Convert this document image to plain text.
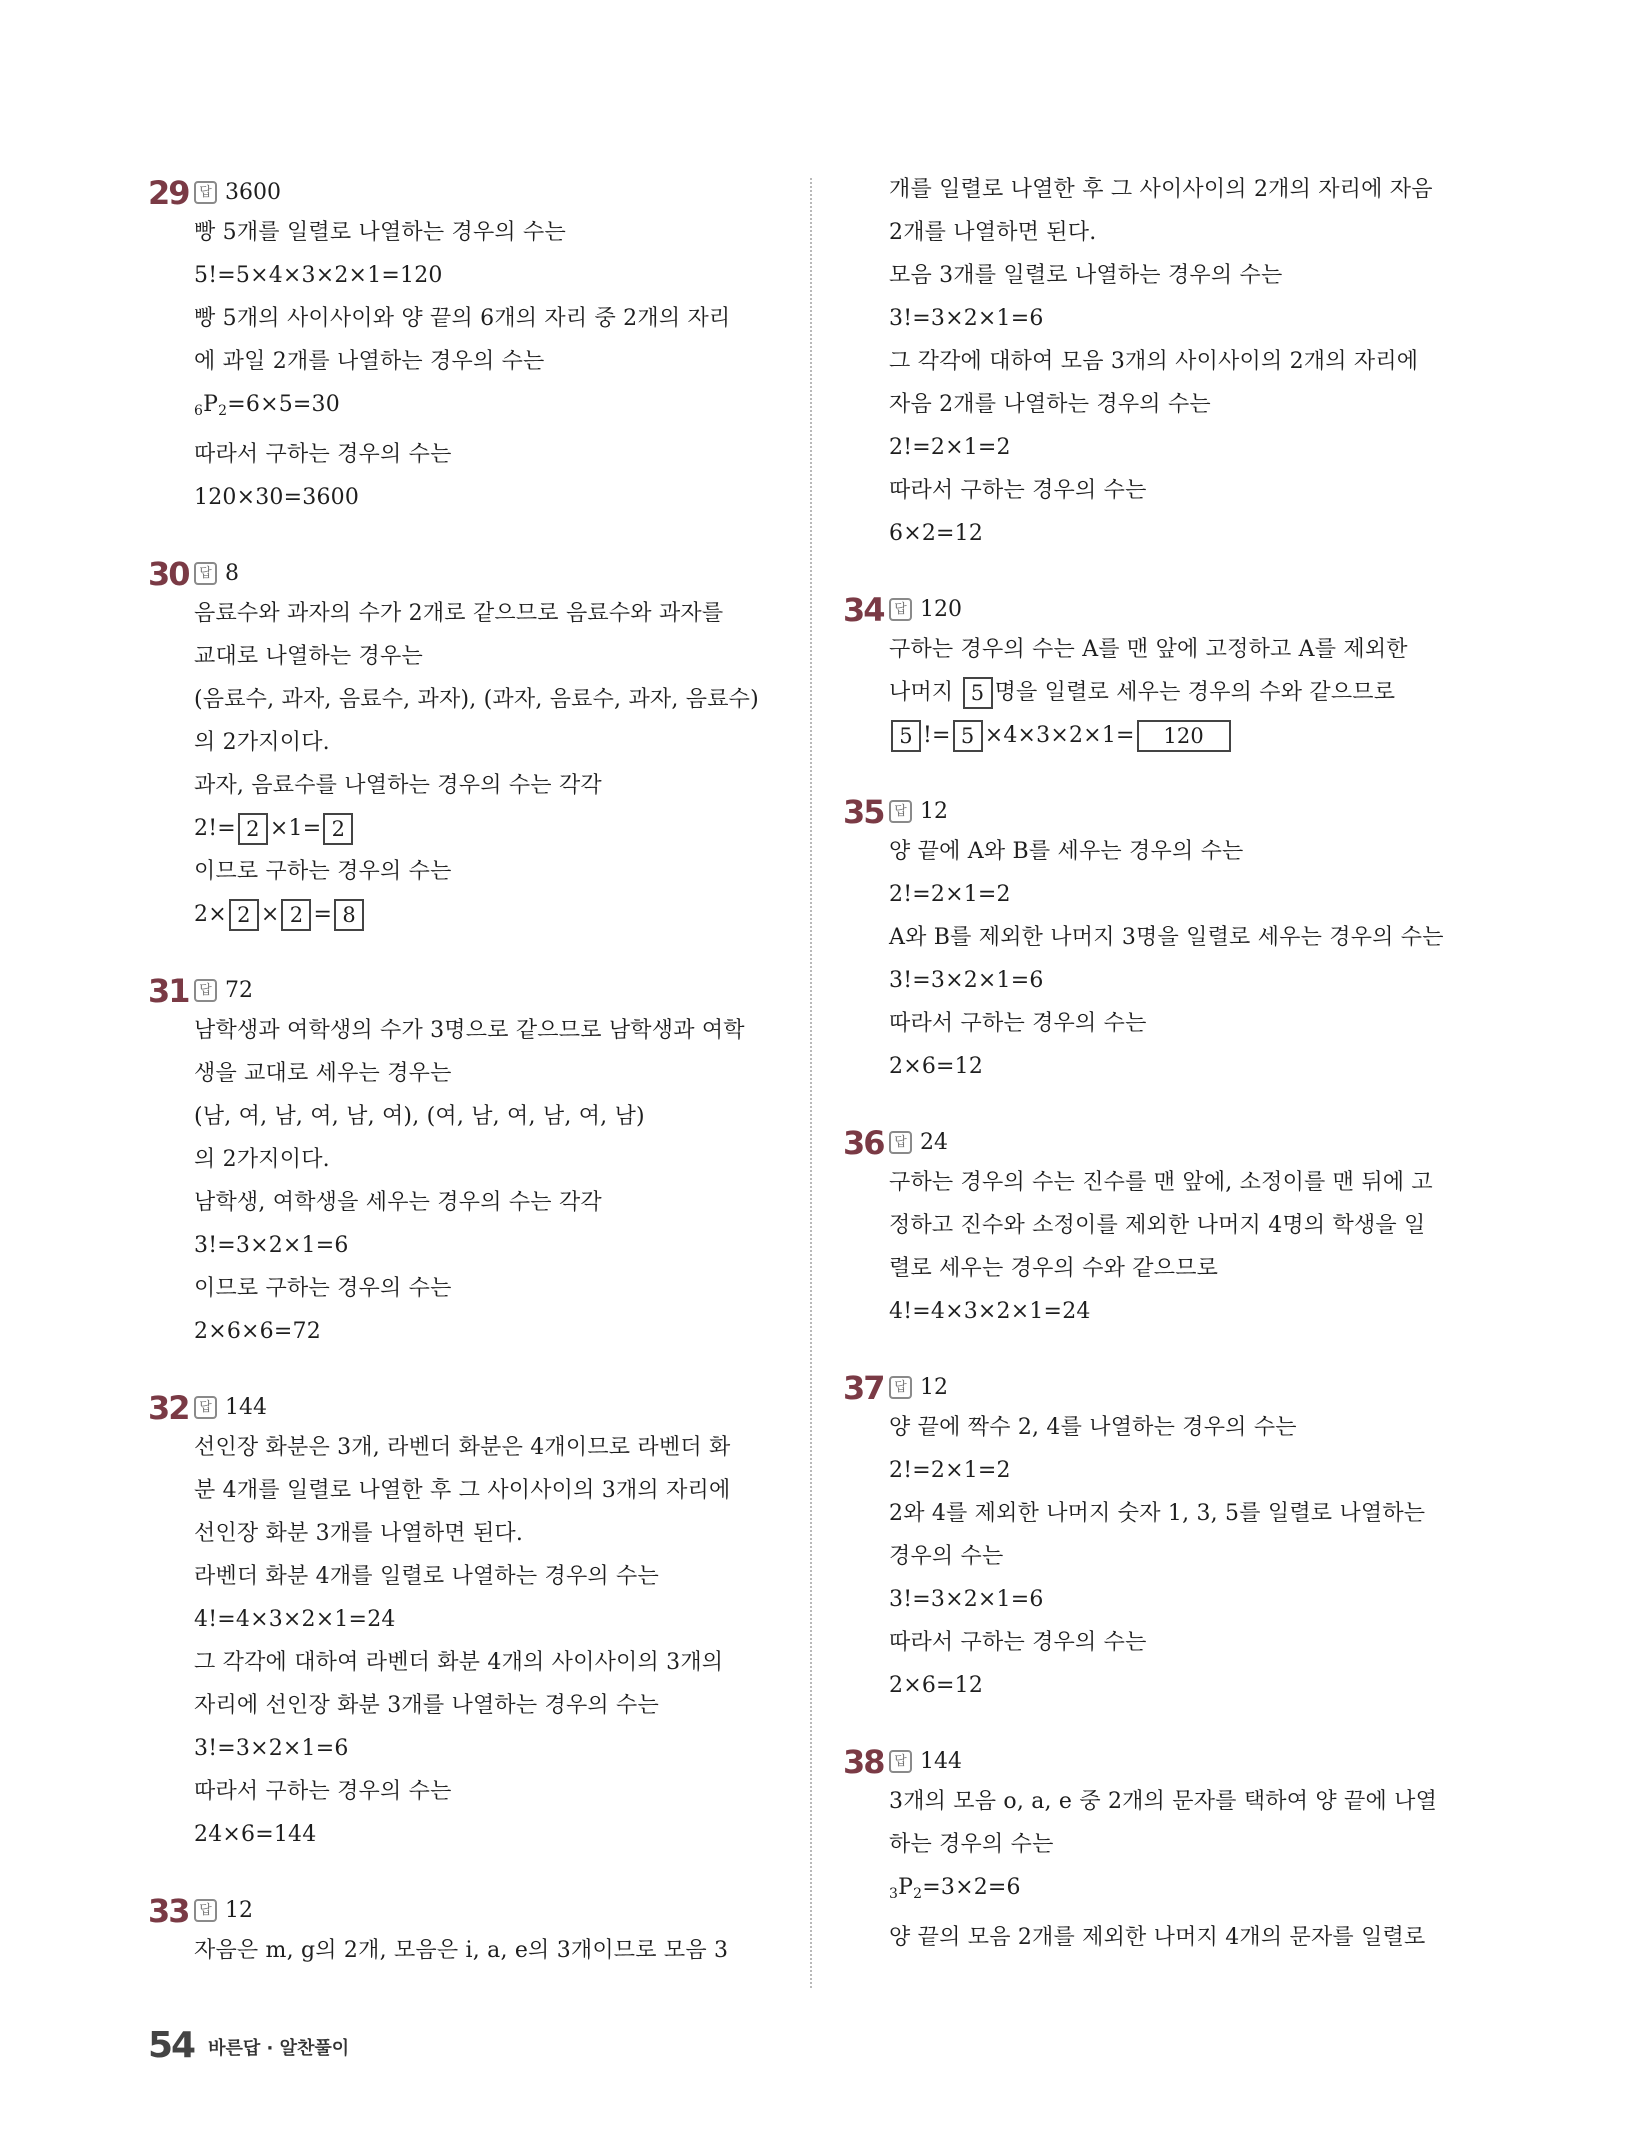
29 답 3600
빵 5개를 일렬로 나열하는 경우의 수는
5!=5×4×3×2×1=120
빵 5개의 사이사이와 양 끝의 6개의 자리 중 2개의 자리
에 과일 2개를 나열하는 경우의 수는
$6P_2=6\times 5=30$
따라서 구하는 경우의 수는
120×30=3600
30 답 8
음료수와 과자의 수가 2개로 같으므로 음료수와 과자를
교대로 나열하는 경우는
(음료수, 과자, 음료수, 과자), (과자, 음료수, 과자, 음료수)
의 2가지이다.
과자, 음료수를 나열하는 경우의 수는 각각
2!= 2 ×1= 2
이므로 구하는 경우의 수는
2× 2 × 2 = 8
31 답 72
남학생과 여학생의 수가 3명으로 같으므로 남학생과 여학
생을 교대로 세우는 경우는
(남, 여, 남, 여, 남, 여), (여, 남, 여, 남, 여, 남)
의 2가지이다.
남학생, 여학생을 세우는 경우의 수는 각각
3!=3×2×1=6
이므로 구하는 경우의 수는
2×6×6=72
32 답 144
선인장 화분은 3개, 라벤더 화분은 4개이므로 라벤더 화
분 4개를 일렬로 나열한 후 그 사이사이의 3개의 자리에
선인장 화분 3개를 나열하면 된다.
라벤더 화분 4개를 일렬로 나열하는 경우의 수는
4!=4×3×2×1=24
그 각각에 대하여 라벤더 화분 4개의 사이사이의 3개의
자리에 선인장 화분 3개를 나열하는 경우의 수는
3!=3×2×1=6
따라서 구하는 경우의 수는
24×6=144
33 답 12
자음은 m, g의 2개, 모음은 i, a, e의 3개이므로 모음 3
개를 일렬로 나열한 후 그 사이사이의 2개의 자리에 자음
2개를 나열하면 된다.
모음 3개를 일렬로 나열하는 경우의 수는
3!=3×2×1=6
그 각각에 대하여 모음 3개의 사이사이의 2개의 자리에
자음 2개를 나열하는 경우의 수는
2!=2×1=2
따라서 구하는 경우의 수는
6×2=12
34 답 120
구하는 경우의 수는 A를 맨 앞에 고정하고 A를 제외한
나머지 5 명을 일렬로 세우는 경우의 수와 같으므로
5 != 5 ×4×3×2×1= 120
35 답 12
양 끝에 A와 B를 세우는 경우의 수는
2!=2×1=2
A와 B를 제외한 나머지 3명을 일렬로 세우는 경우의 수는
3!=3×2×1=6
따라서 구하는 경우의 수는
2×6=12
36 답 24
구하는 경우의 수는 진수를 맨 앞에, 소정이를 맨 뒤에 고
정하고 진수와 소정이를 제외한 나머지 4명의 학생을 일
렬로 세우는 경우의 수와 같으므로
4!=4×3×2×1=24
37 답 12
양 끝에 짝수 2, 4를 나열하는 경우의 수는
2!=2×1=2
2와 4를 제외한 나머지 숫자 1, 3, 5를 일렬로 나열하는
경우의 수는
3!=3×2×1=6
따라서 구하는 경우의 수는
2×6=12
38 답 144
3개의 모음 o, a, e 중 2개의 문자를 택하여 양 끝에 나열
하는 경우의 수는
$3P_2=3\times 2=6$
양 끝의 모음 2개를 제외한 나머지 4개의 문자를 일렬로
54 바른답 · 알찬풀이
